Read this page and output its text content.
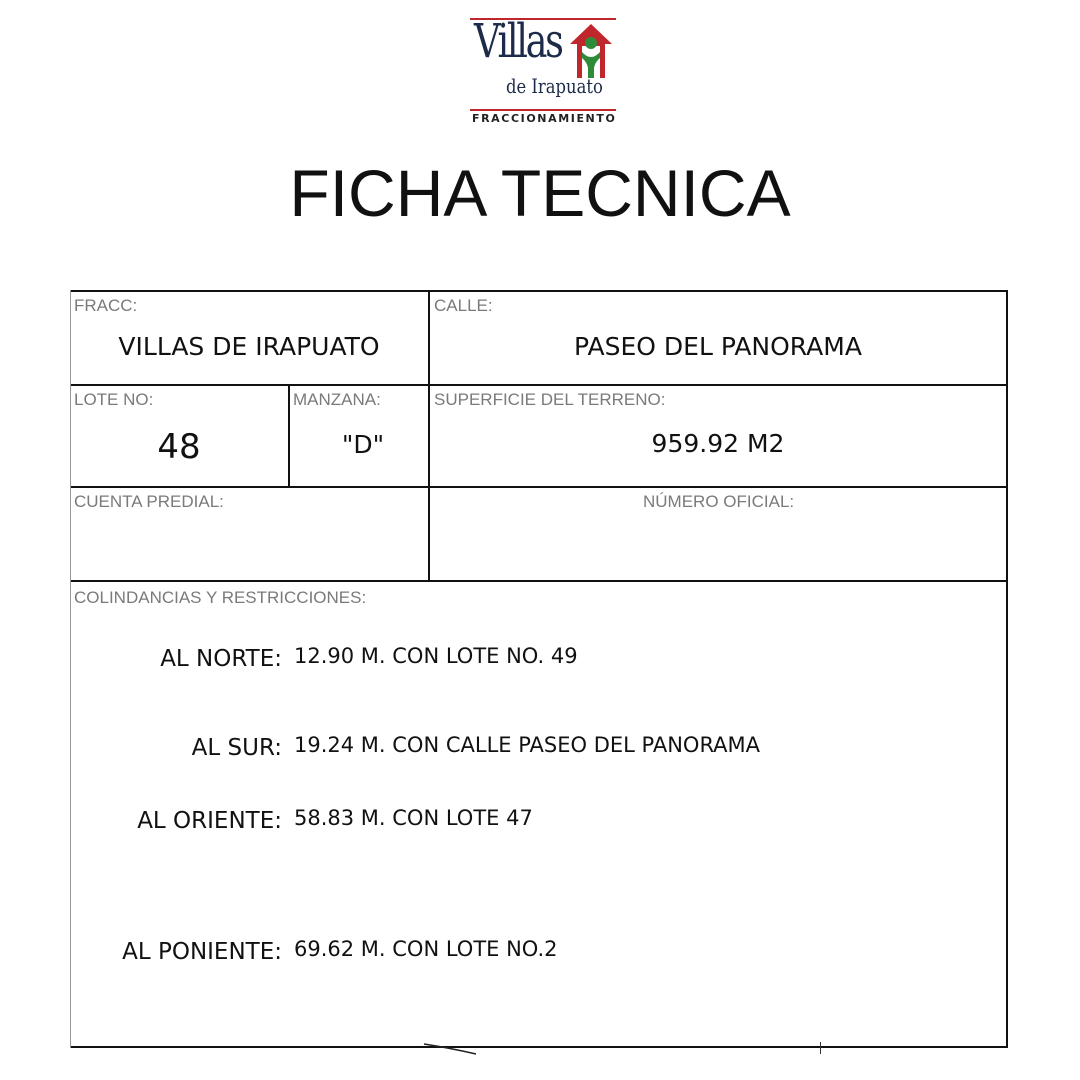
Villas
de Irapuato
FRACCIONAMIENTO
FICHA TECNICA
FRACC:
VILLAS DE IRAPUATO
CALLE:
PASEO DEL PANORAMA
LOTE NO:
48
MANZANA:
"D"
SUPERFICIE DEL TERRENO:
959.92 M2
CUENTA PREDIAL:	NÚMERO OFICIAL:
COLINDANCIAS Y RESTRICCIONES:
AL NORTE: 12.90 M. CON LOTE NO. 49
AL SUR: 19.24 M. CON CALLE PASEO DEL PANORAMA
AL ORIENTE: 58.83 M. CON LOTE 47
AL PONIENTE: 69.62 M. CON LOTE NO.2
